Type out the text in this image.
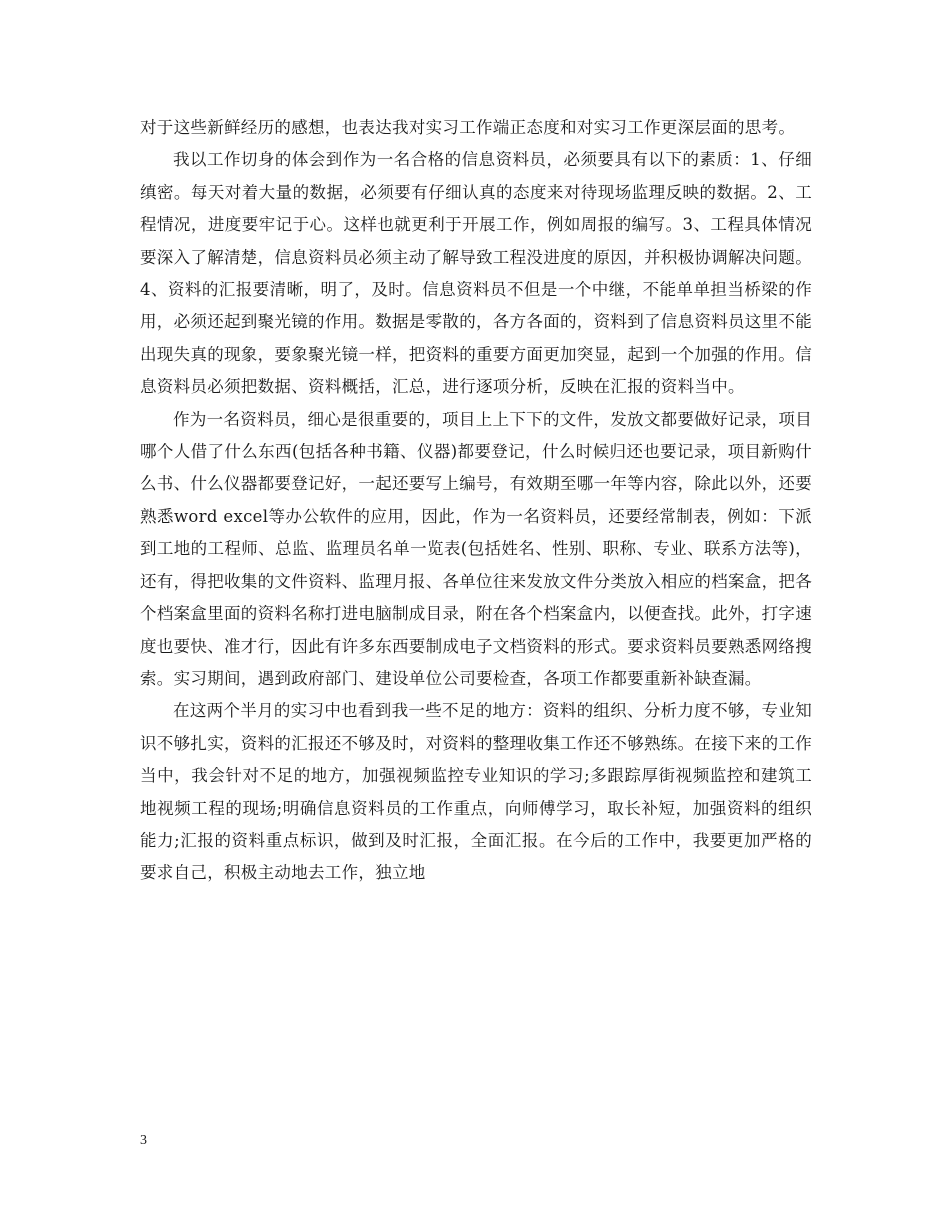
对于这些新鲜经历的感想，也表达我对实习工作端正态度和对实习工作更深层面的思考。

我以工作切身的体会到作为一名合格的信息资料员，必须要具有以下的素质：1、仔细缜密。每天对着大量的数据，必须要有仔细认真的态度来对待现场监理反映的数据。2、工程情况，进度要牢记于心。这样也就更利于开展工作，例如周报的编写。3、工程具体情况要深入了解清楚，信息资料员必须主动了解导致工程没进度的原因，并积极协调解决问题。4、资料的汇报要清晰，明了，及时。信息资料员不但是一个中继，不能单单担当桥梁的作用，必须还起到聚光镜的作用。数据是零散的，各方各面的，资料到了信息资料员这里不能出现失真的现象，要象聚光镜一样，把资料的重要方面更加突显，起到一个加强的作用。信息资料员必须把数据、资料概括，汇总，进行逐项分析，反映在汇报的资料当中。

作为一名资料员，细心是很重要的，项目上上下下的文件，发放文都要做好记录，项目哪个人借了什么东西(包括各种书籍、仪器)都要登记，什么时候归还也要记录，项目新购什么书、什么仪器都要登记好，一起还要写上编号，有效期至哪一年等内容，除此以外，还要熟悉word excel等办公软件的应用，因此，作为一名资料员，还要经常制表，例如：下派到工地的工程师、总监、监理员名单一览表(包括姓名、性别、职称、专业、联系方法等)，还有，得把收集的文件资料、监理月报、各单位往来发放文件分类放入相应的档案盒，把各个档案盒里面的资料名称打进电脑制成目录，附在各个档案盒内，以便查找。此外，打字速度也要快、准才行，因此有许多东西要制成电子文档资料的形式。要求资料员要熟悉网络搜索。实习期间，遇到政府部门、建设单位公司要检查，各项工作都要重新补缺查漏。

在这两个半月的实习中也看到我一些不足的地方：资料的组织、分析力度不够，专业知识不够扎实，资料的汇报还不够及时，对资料的整理收集工作还不够熟练。在接下来的工作当中，我会针对不足的地方，加强视频监控专业知识的学习;多跟踪厚街视频监控和建筑工地视频工程的现场;明确信息资料员的工作重点，向师傅学习，取长补短，加强资料的组织能力;汇报的资料重点标识，做到及时汇报，全面汇报。在今后的工作中，我要更加严格的要求自己，积极主动地去工作，独立地

3
